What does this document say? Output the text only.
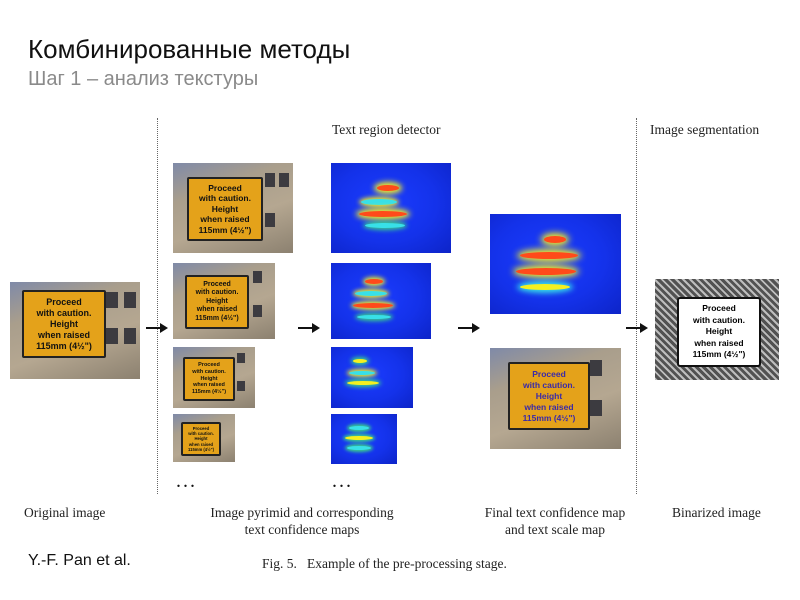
Комбинированные методы
Шаг 1 – анализ текстуры
Text region detector	Image segmentation
Proceed
with caution.
Height
when raised
115mm (4½")
Proceed
with caution.
Height
when raised
115mm (4½")
Proceed
with caution.
Height
when raised
115mm (4½")
Proceed
with caution.
Height
when raised
115mm (4½")
Proceed
with caution.
Height
when raised
115mm (4½")
...	...
Proceed
with caution.
Height
when raised
115mm (4½")
Proceed
with caution.
Height
when raised
115mm (4½")
Original image	Image pyrimid and corresponding
text confidence maps
Final text confidence map
and text scale map
Binarized image
Fig. 5.   Example of the pre-processing stage.
Y.-F. Pan et al.
